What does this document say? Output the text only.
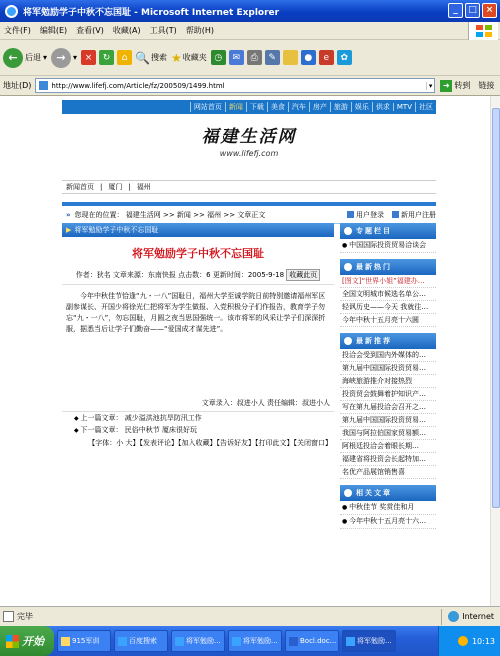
将军勉励学子中秋不忘国耻 - Microsoft Internet Explorer	_	□ ×
文件(F) 编辑(E) 查看(V) 收藏(A) 工具(T) 帮助(H)
← 后退 ▾ → ▾ ×	↻	⌂ 🔍 搜索 ★ 收藏夹 ◷	✉	⎙	✎	●	e	✿
地址(D)	http://www.lifefj.com/Article/fz/200509/1499.html	▾	➜ 转到 链接
网站首页	新闻	下载	美食	汽车	房产	旅游	娱乐	供求	MTV	社区
福建生活网
www.lifefj.com
新闻首页 | 厦门 | 福州
» 您现在的位置： 福建生活网 >> 新闻 >> 福州 >> 文章正文	用户登录	新用户注册
▶ 将军勉励学子中秋不忘国耻
将军勉励学子中秋不忘国耻
作者：狄名 文章来源：东南快报 点击数：6 更新时间：2005-9-18 收藏此页
今年中秋佳节恰逢“九・一八”国耻日，福州大学至诚学院日前特别邀请福州军区副参谋长、开国少将徐光仁把将军为学生做报、入党积极分子们作报告，教育学子勿忘“九・一八”，勿忘国耻，月圆之夜当思国强统一。该市将军的风采让学子们深深折服，据悉当后让学子们勤奋——“爱国成才谋先进”。
文章录入：叔进小人 责任编辑：叔进小人
◆ 上一篇文章： 减少溢洪池抗旱防汛工作
◆ 下一篇文章： 民俗中秋节 厦床很好玩
【字体：小 大】【发表评论】【加入收藏】【告诉好友】【打印此文】【关闭窗口】
专题栏目
● 中国国际投资贸易洽谈会
最新热门
[图文]“世界小姐”福建办…
全国文明城市候选名单公…
轻讽历史——今天 我就往…
今年中秋十五月亮十六圆
最新推荐
投洽会受到国内外媒体的…
第九届中国国际投资贸易…
海峡旅游推介对接热烈
投资贸会鼓舞着护知识产…
写在第九届投洽会召开之…
第九届中国国际投资贸易…
我国与阿拉伯国家贸易额…
阿根廷投洽会着眼长期…
福建省将投资会长起特加…
名优产品展馆销售喜
相关文章
● 中秋佳节 奖赏佳和月
● 今年中秋十五月亮十六…
完毕	Internet
开始	915军训	百度搜索	将军勉励...	将军勉励...	Bocl.doc...	将军勉励...	10:13
